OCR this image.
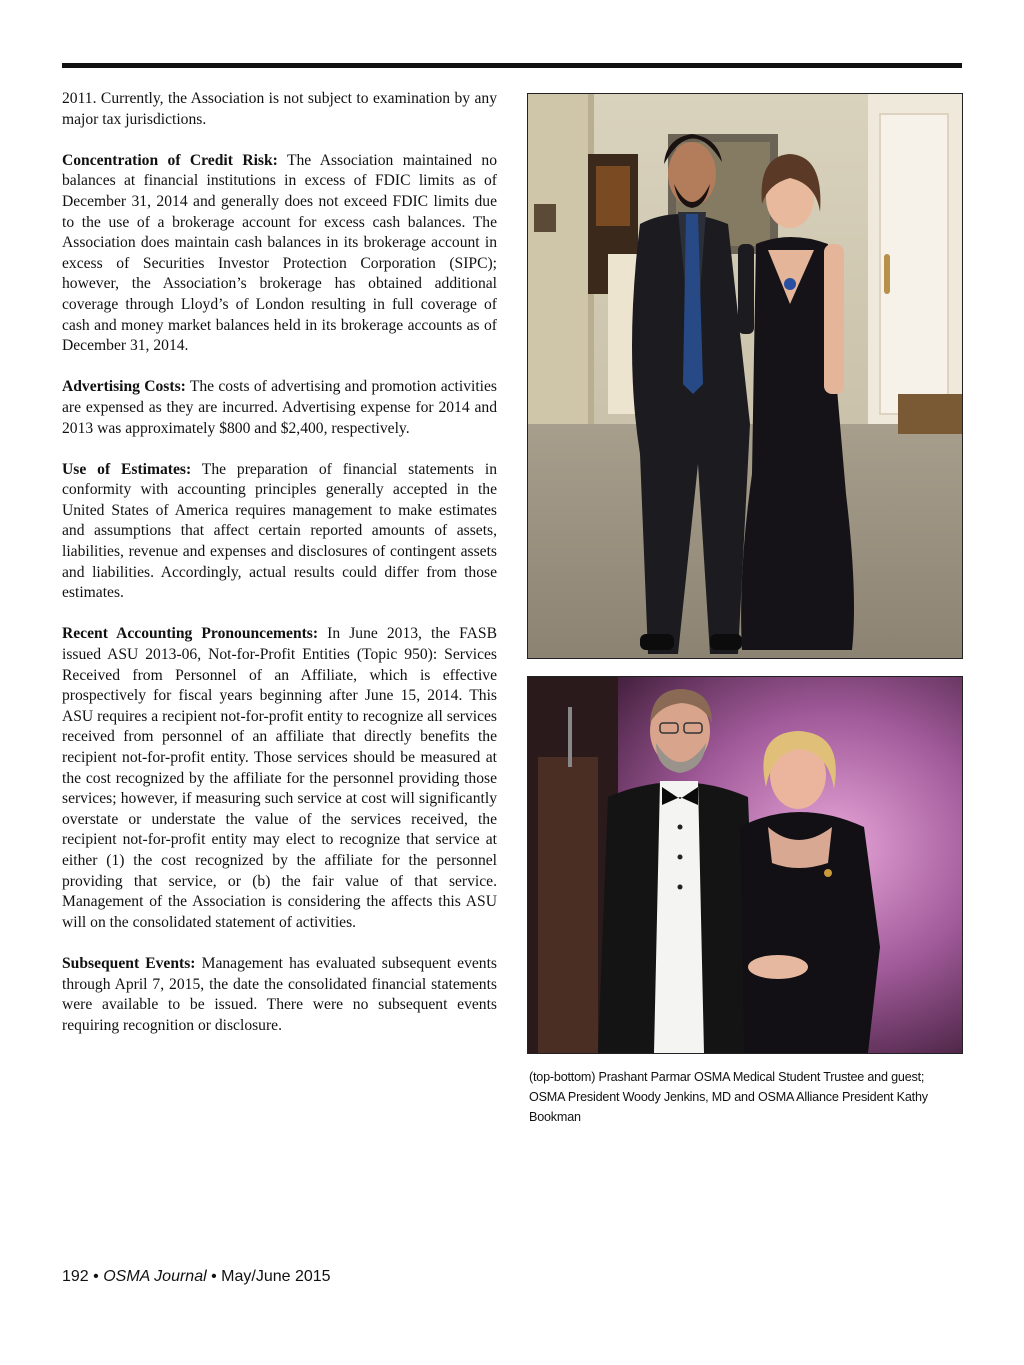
2011. Currently, the Association is not subject to examination by any major tax jurisdictions.

Concentration of Credit Risk: The Association maintained no balances at financial institutions in excess of FDIC limits as of December 31, 2014 and generally does not exceed FDIC limits due to the use of a brokerage account for excess cash balances. The Association does maintain cash balances in its brokerage account in excess of Securities Investor Protection Corporation (SIPC); however, the Association’s brokerage has obtained additional coverage through Lloyd’s of London resulting in full coverage of cash and money market balances held in its brokerage accounts as of December 31, 2014.

Advertising Costs: The costs of advertising and promotion activities are expensed as they are incurred. Advertising expense for 2014 and 2013 was approximately $800 and $2,400, respectively.

Use of Estimates: The preparation of financial statements in conformity with accounting principles generally accepted in the United States of America requires management to make estimates and assumptions that affect certain reported amounts of assets, liabilities, revenue and expenses and disclosures of contingent assets and liabilities. Accordingly, actual results could differ from those estimates.

Recent Accounting Pronouncements: In June 2013, the FASB issued ASU 2013-06, Not-for-Profit Entities (Topic 950): Services Received from Personnel of an Affiliate, which is effective prospectively for fiscal years beginning after June 15, 2014. This ASU requires a recipient not-for-profit entity to recognize all services received from personnel of an affiliate that directly benefits the recipient not-for-profit entity. Those services should be measured at the cost recognized by the affiliate for the personnel providing those services; however, if measuring such service at cost will significantly overstate or understate the value of the services received, the recipient not-for-profit entity may elect to recognize that service at either (1) the cost recognized by the affiliate for the personnel providing that service, or (b) the fair value of that service. Management of the Association is considering the affects this ASU will on the consolidated statement of activities.

Subsequent Events: Management has evaluated subsequent events through April 7, 2015, the date the consolidated financial statements were available to be issued. There were no subsequent events requiring recognition or disclosure.

(top-bottom) Prashant Parmar OSMA Medical Student Trustee and guest; OSMA President Woody Jenkins, MD and OSMA Alliance President Kathy Bookman
192 • OSMA Journal • May/June 2015
